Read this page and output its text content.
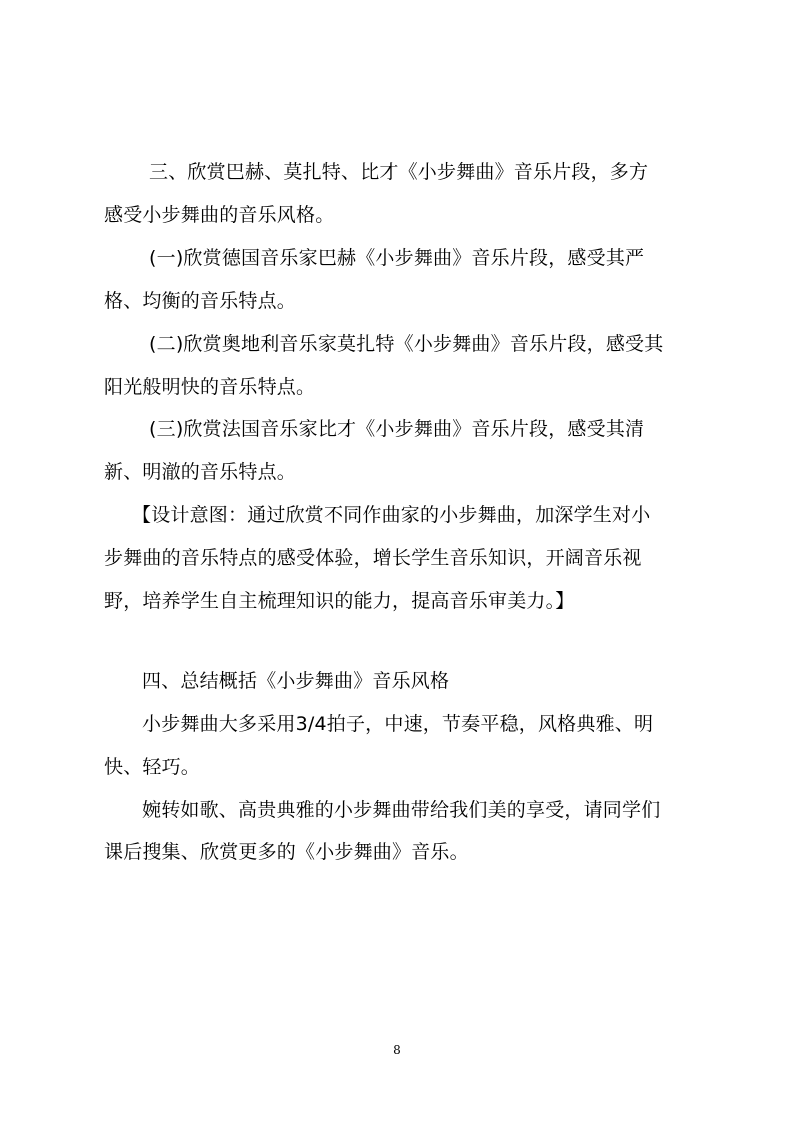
三、欣赏巴赫、莫扎特、比才《小步舞曲》音乐片段，多方
感受小步舞曲的音乐风格。
(一)欣赏德国音乐家巴赫《小步舞曲》音乐片段，感受其严
格、均衡的音乐特点。
(二)欣赏奥地利音乐家莫扎特《小步舞曲》音乐片段，感受其
阳光般明快的音乐特点。
(三)欣赏法国音乐家比才《小步舞曲》音乐片段，感受其清
新、明澈的音乐特点。
【设计意图：通过欣赏不同作曲家的小步舞曲，加深学生对小
步舞曲的音乐特点的感受体验，增长学生音乐知识，开阔音乐视
野，培养学生自主梳理知识的能力，提高音乐审美力。】
四、总结概括《小步舞曲》音乐风格
小步舞曲大多采用3/4拍子，中速，节奏平稳，风格典雅、明
快、轻巧。
婉转如歌、高贵典雅的小步舞曲带给我们美的享受，请同学们
课后搜集、欣赏更多的《小步舞曲》音乐。
8
